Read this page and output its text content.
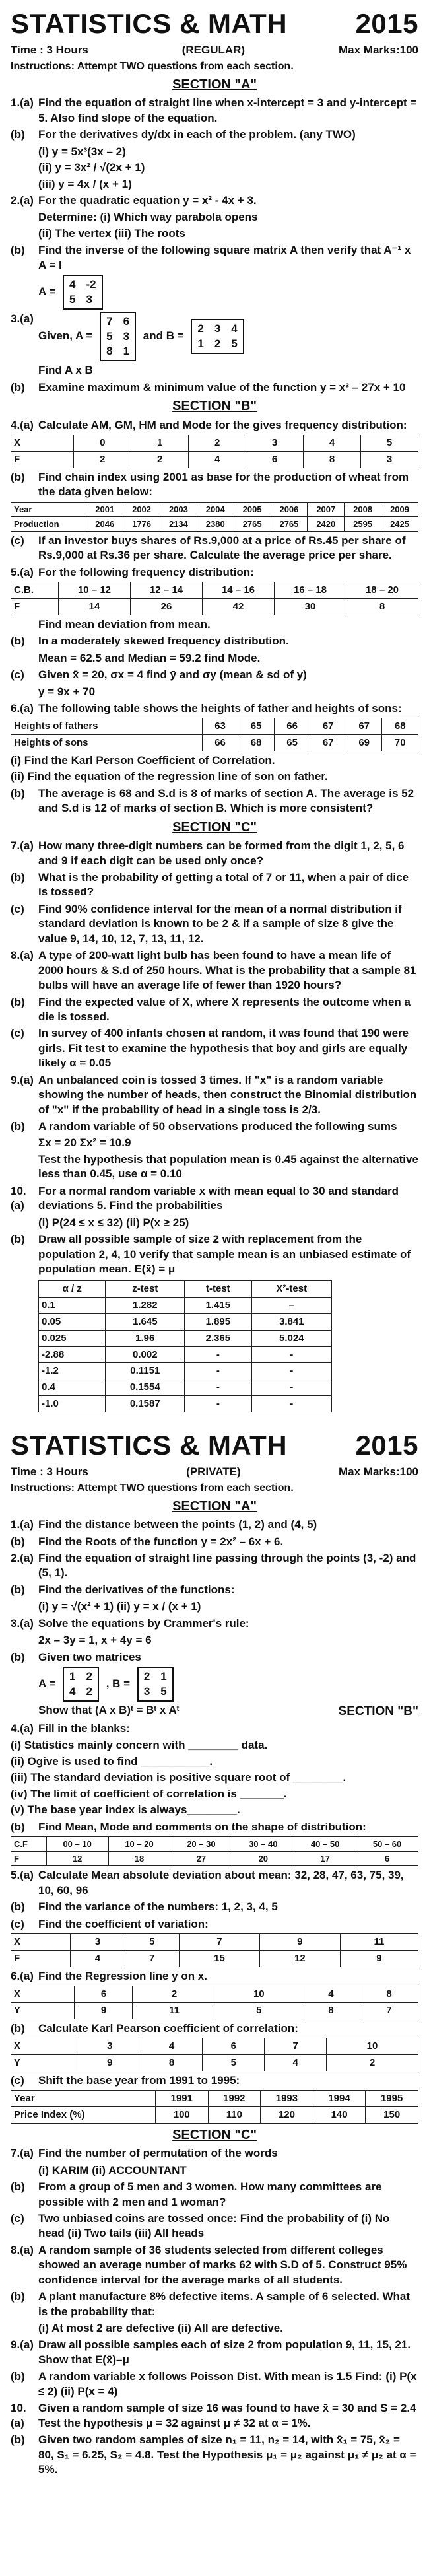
STATISTICS & MATH 2015
Time : 3 Hours	(REGULAR)	Max Marks:100
Instructions: Attempt TWO questions from each section.
SECTION "A"
1.(a) Find the equation of straight line when x-intercept = 3 and y-intercept = 5. Also find slope of the equation.
(b)	For the derivatives dy/dx in each of the problem. (any TWO)
(i) y = 5x³(3x – 2)
(ii) y = 3x² / √(2x + 1)
(iii) y = 4x / (x + 1)
2.(a) For the quadratic equation y = x² - 4x + 3.
Determine: (i) Which way parabola opens
(ii) The vertex (iii) The roots
(b)	Find the inverse of the following square matrix A then verify that A⁻¹ x A = I
A =
4 -2
5 3
3.(a)
Given, A =
7 6
5 3
8 1
and B =
2 3 4
1 2 5
Find A x B
(b)	Examine maximum & minimum value of the function y = x³ – 27x + 10
SECTION "B"
4.(a) Calculate AM, GM, HM and Mode for the gives frequency distribution:
X	0	1	2	3	4	5
F	2	2	4	6	8	3
(b)	Find chain index using 2001 as base for the production of wheat from the data given below:
Year	2001	2002	2003	2004	2005	2006	2007	2008	2009
Production	2046	1776	2134	2380	2765	2765	2420	2595	2425
(c)	If an investor buys shares of Rs.9,000 at a price of Rs.45 per share of Rs.9,000 at Rs.36 per share. Calculate the average price per share.
5.(a) For the following frequency distribution:
C.B.	10 – 12	12 – 14	14 – 16	16 – 18	18 – 20
F	14	26	42	30	8
Find mean deviation from mean.
(b)	In a moderately skewed frequency distribution.
Mean = 62.5 and Median = 59.2 find Mode.
(c)	Given x̄ = 20, σx = 4 find ȳ and σy (mean & sd of y)
y = 9x + 70
6.(a) The following table shows the heights of father and heights of sons:
Heights of fathers	63	65	66	67	67	68
Heights of sons	66	68	65	67	69	70
(i) Find the Karl Person Coefficient of Correlation.
(ii) Find the equation of the regression line of son on father.
(b)	The average is 68 and S.d is 8 of marks of section A. The average is 52 and S.d is 12 of marks of section B. Which is more consistent?
SECTION "C"
7.(a) How many three-digit numbers can be formed from the digit 1, 2, 5, 6 and 9 if each digit can be used only once?
(b)	What is the probability of getting a total of 7 or 11, when a pair of dice is tossed?
(c)	Find 90% confidence interval for the mean of a normal distribution if standard deviation is known to be 2 & if a sample of size 8 give the value 9, 14, 10, 12, 7, 13, 11, 12.
8.(a) A type of 200-watt light bulb has been found to have a mean life of 2000 hours & S.d of 250 hours. What is the probability that a sample 81 bulbs will have an average life of fewer than 1920 hours?
(b)	Find the expected value of X, where X represents the outcome when a die is tossed.
(c)	In survey of 400 infants chosen at random, it was found that 190 were girls. Fit test to examine the hypothesis that boy and girls are equally likely α = 0.05
9.(a) An unbalanced coin is tossed 3 times. If "x" is a random variable showing the number of heads, then construct the Binomial distribution of "x" if the probability of head in a single toss is 2/3.
(b)	A random variable of 50 observations produced the following sums
Σx = 20 Σx² = 10.9
Test the hypothesis that population mean is 0.45 against the alternative less than 0.45, use α = 0.10
10.(a)
For a normal random variable x with mean equal to 30 and standard deviations 5. Find the probabilities
(i) P(24 ≤ x ≤ 32) (ii) P(x ≥ 25)
(b)	Draw all possible sample of size 2 with replacement from the population 2, 4, 10 verify that sample mean is an unbiased estimate of population mean. E(x̄) = μ
α / z	z-test	t-test	X²-test
0.1	1.282	1.415	–
0.05	1.645	1.895	3.841
0.025	1.96	2.365	5.024
-2.88	0.002	-	-
-1.2	0.1151	-	-
0.4	0.1554	-	-
-1.0	0.1587	-	-
STATISTICS & MATH 2015
Time : 3 Hours	(PRIVATE)	Max Marks:100
Instructions: Attempt TWO questions from each section.
SECTION "A"
1.(a) Find the distance between the points (1, 2) and (4, 5)
(b)	Find the Roots of the function y = 2x² – 6x + 6.
2.(a) Find the equation of straight line passing through the points (3, -2) and (5, 1).
(b)	Find the derivatives of the functions:
(i) y = √(x² + 1) (ii) y = x / (x + 1)
3.(a) Solve the equations by Crammer's rule:
2x – 3y = 1, x + 4y = 6
(b)	Given two matrices
A =
1 2
4 2
, B =
2 1
3 5
Show that (A x B)ᵗ = Bᵗ x Aᵗ	SECTION "B"
4.(a) Fill in the blanks:
(i) Statistics mainly concern with ________ data.
(ii) Ogive is used to find ___________.
(iii) The standard deviation is positive square root of ________.
(iv) The limit of coefficient of correlation is _______.
(v) The base year index is always________.
(b)	Find Mean, Mode and comments on the shape of distribution:
C.F	00 – 10	10 – 20	20 – 30	30 – 40	40 – 50	50 – 60
F	12	18	27	20	17	6
5.(a) Calculate Mean absolute deviation about mean: 32, 28, 47, 63, 75, 39, 10, 60, 96
(b)	Find the variance of the numbers: 1, 2, 3, 4, 5
(c)	Find the coefficient of variation:
X	3	5	7	9	11
F	4	7	15	12	9
6.(a) Find the Regression line y on x.
X	6	2	10	4	8
Y	9	11	5	8	7
(b)	Calculate Karl Pearson coefficient of correlation:
X	3	4	6	7	10
Y	9	8	5	4	2
(c)	Shift the base year from 1991 to 1995:
Year	1991	1992	1993	1994	1995
Price Index (%)	100	110	120	140	150
SECTION "C"
7.(a) Find the number of permutation of the words
(i) KARIM (ii) ACCOUNTANT
(b)	From a group of 5 men and 3 women. How many committees are possible with 2 men and 1 woman?
(c)	Two unbiased coins are tossed once: Find the probability of (i) No head (ii) Two tails (iii) All heads
8.(a) A random sample of 36 students selected from different colleges showed an average number of marks 62 with S.D of 5. Construct 95% confidence interval for the average marks of all students.
(b)	A plant manufacture 8% defective items. A sample of 6 selected. What is the probability that:
(i) At most 2 are defective (ii) All are defective.
9.(a) Draw all possible samples each of size 2 from population 9, 11, 15, 21. Show that E(x̄)–μ
(b)	A random variable x follows Poisson Dist. With mean is 1.5 Find: (i) P(x ≤ 2) (ii) P(x = 4)
10.(a)
Given a random sample of size 16 was found to have x̄ = 30 and S = 2.4 Test the hypothesis μ = 32 against μ ≠ 32 at α = 1%.
(b)	Given two random samples of size n₁ = 11, n₂ = 14, with x̄₁ = 75, x̄₂ = 80, S₁ = 6.25, S₂ = 4.8. Test the Hypothesis μ₁ = μ₂ against μ₁ ≠ μ₂ at α = 5%.
